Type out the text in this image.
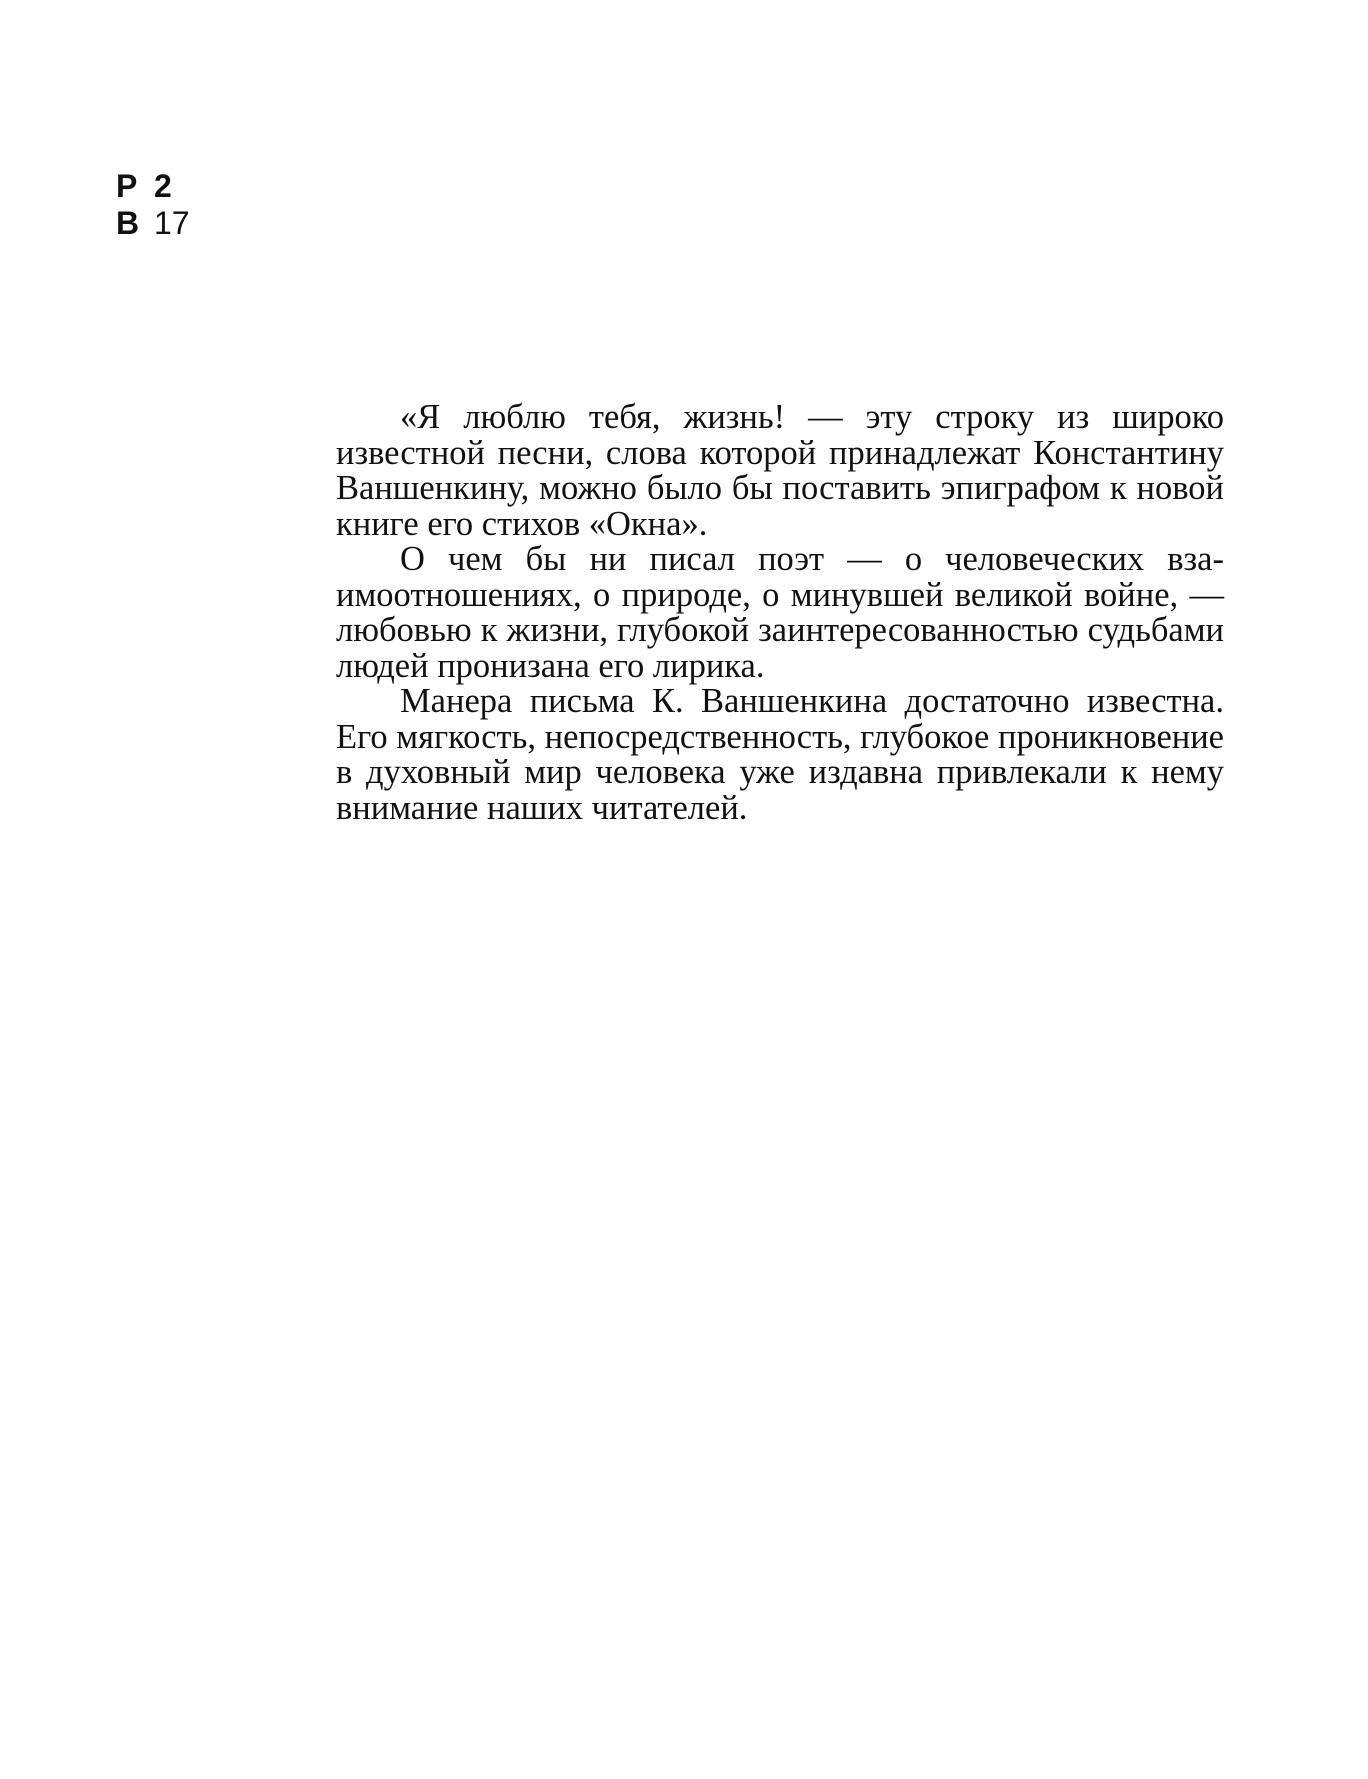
Р 2
В 17

«Я люблю тебя, жизнь! — эту строку из широко известной песни, слова которой принадлежат Константину Ваншенкину, можно было бы поставить эпиграфом к новой книге его стихов «Окна».

О чем бы ни писал поэт — о человеческих взаимоотношениях, о природе, о минувшей великой войне, — любовью к жизни, глубокой заинтересованностью судьбами людей пронизана его лирика.

Манера письма К. Ваншенкина достаточно известна. Его мягкость, непосредственность, глубокое проникновение в духовный мир человека уже издавна привлекали к нему внимание наших читателей.
